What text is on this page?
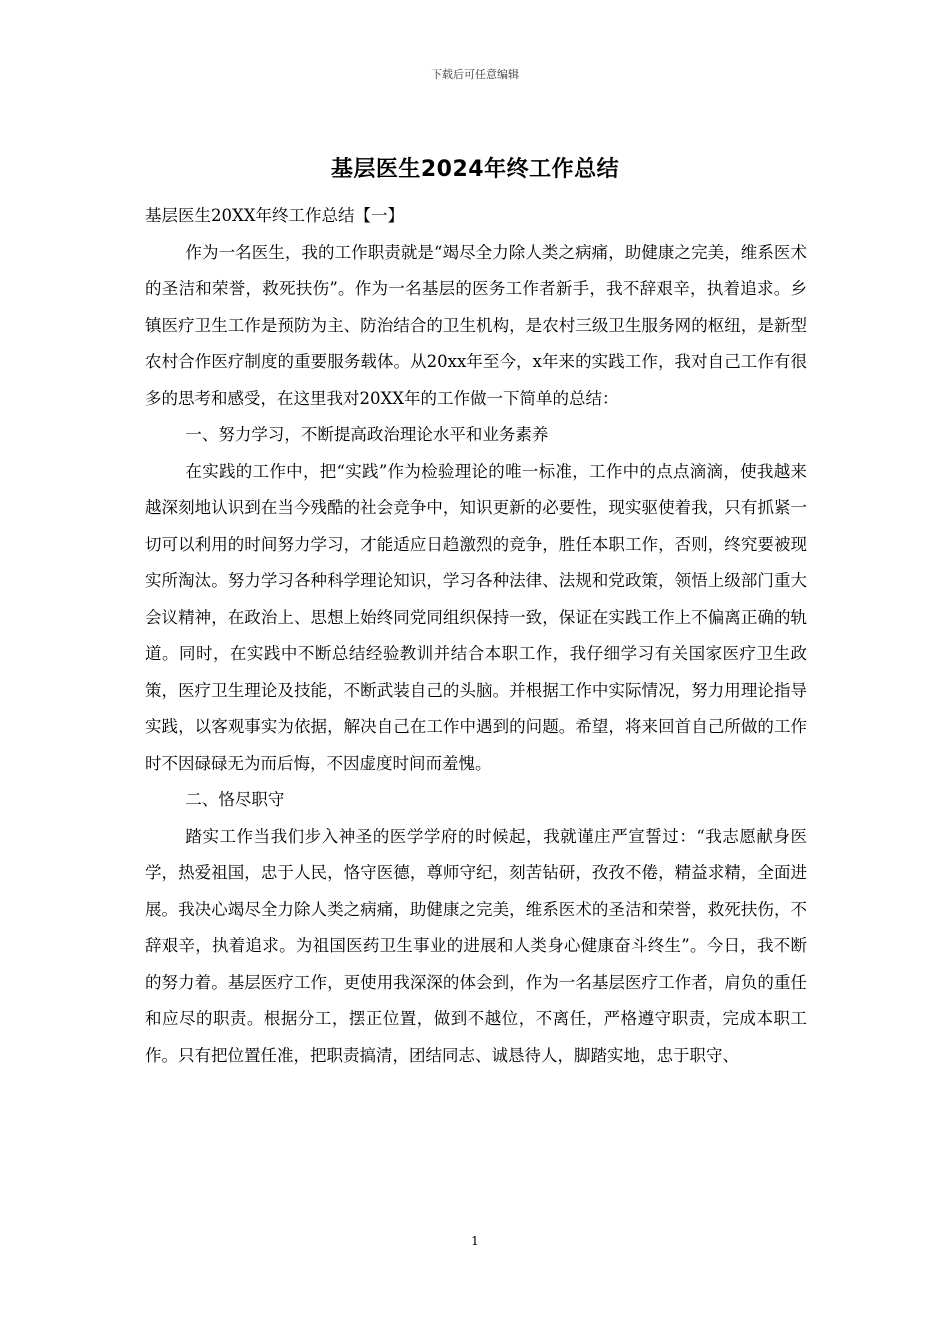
下载后可任意编辑
基层医生2024年终工作总结

基层医生20XX年终工作总结【一】

作为一名医生，我的工作职责就是“竭尽全力除人类之病痛，助健康之完美，维系医术的圣洁和荣誉，救死扶伤”。作为一名基层的医务工作者新手，我不辞艰辛，执着追求。乡镇医疗卫生工作是预防为主、防治结合的卫生机构，是农村三级卫生服务网的枢纽，是新型农村合作医疗制度的重要服务载体。从20xx年至今，x年来的实践工作，我对自己工作有很多的思考和感受，在这里我对20XX年的工作做一下简单的总结：

一、努力学习，不断提高政治理论水平和业务素养

在实践的工作中，把“实践”作为检验理论的唯一标准，工作中的点点滴滴，使我越来越深刻地认识到在当今残酷的社会竞争中，知识更新的必要性，现实驱使着我，只有抓紧一切可以利用的时间努力学习，才能适应日趋激烈的竞争，胜任本职工作，否则，终究要被现实所淘汰。努力学习各种科学理论知识，学习各种法律、法规和党政策，领悟上级部门重大会议精神，在政治上、思想上始终同党同组织保持一致，保证在实践工作上不偏离正确的轨道。同时，在实践中不断总结经验教训并结合本职工作，我仔细学习有关国家医疗卫生政策，医疗卫生理论及技能，不断武装自己的头脑。并根据工作中实际情况，努力用理论指导实践，以客观事实为依据，解决自己在工作中遇到的问题。希望，将来回首自己所做的工作时不因碌碌无为而后悔，不因虚度时间而羞愧。

二、恪尽职守

踏实工作当我们步入神圣的医学学府的时候起，我就谨庄严宣誓过：“我志愿献身医学，热爱祖国，忠于人民，恪守医德，尊师守纪，刻苦钻研，孜孜不倦，精益求精，全面进展。我决心竭尽全力除人类之病痛，助健康之完美，维系医术的圣洁和荣誉，救死扶伤，不辞艰辛，执着追求。为祖国医药卫生事业的进展和人类身心健康奋斗终生”。今日，我不断的努力着。基层医疗工作，更使用我深深的体会到，作为一名基层医疗工作者，肩负的重任和应尽的职责。根据分工，摆正位置，做到不越位，不离任，严格遵守职责，完成本职工作。只有把位置任准，把职责搞清，团结同志、诚恳待人，脚踏实地，忠于职守、

1
